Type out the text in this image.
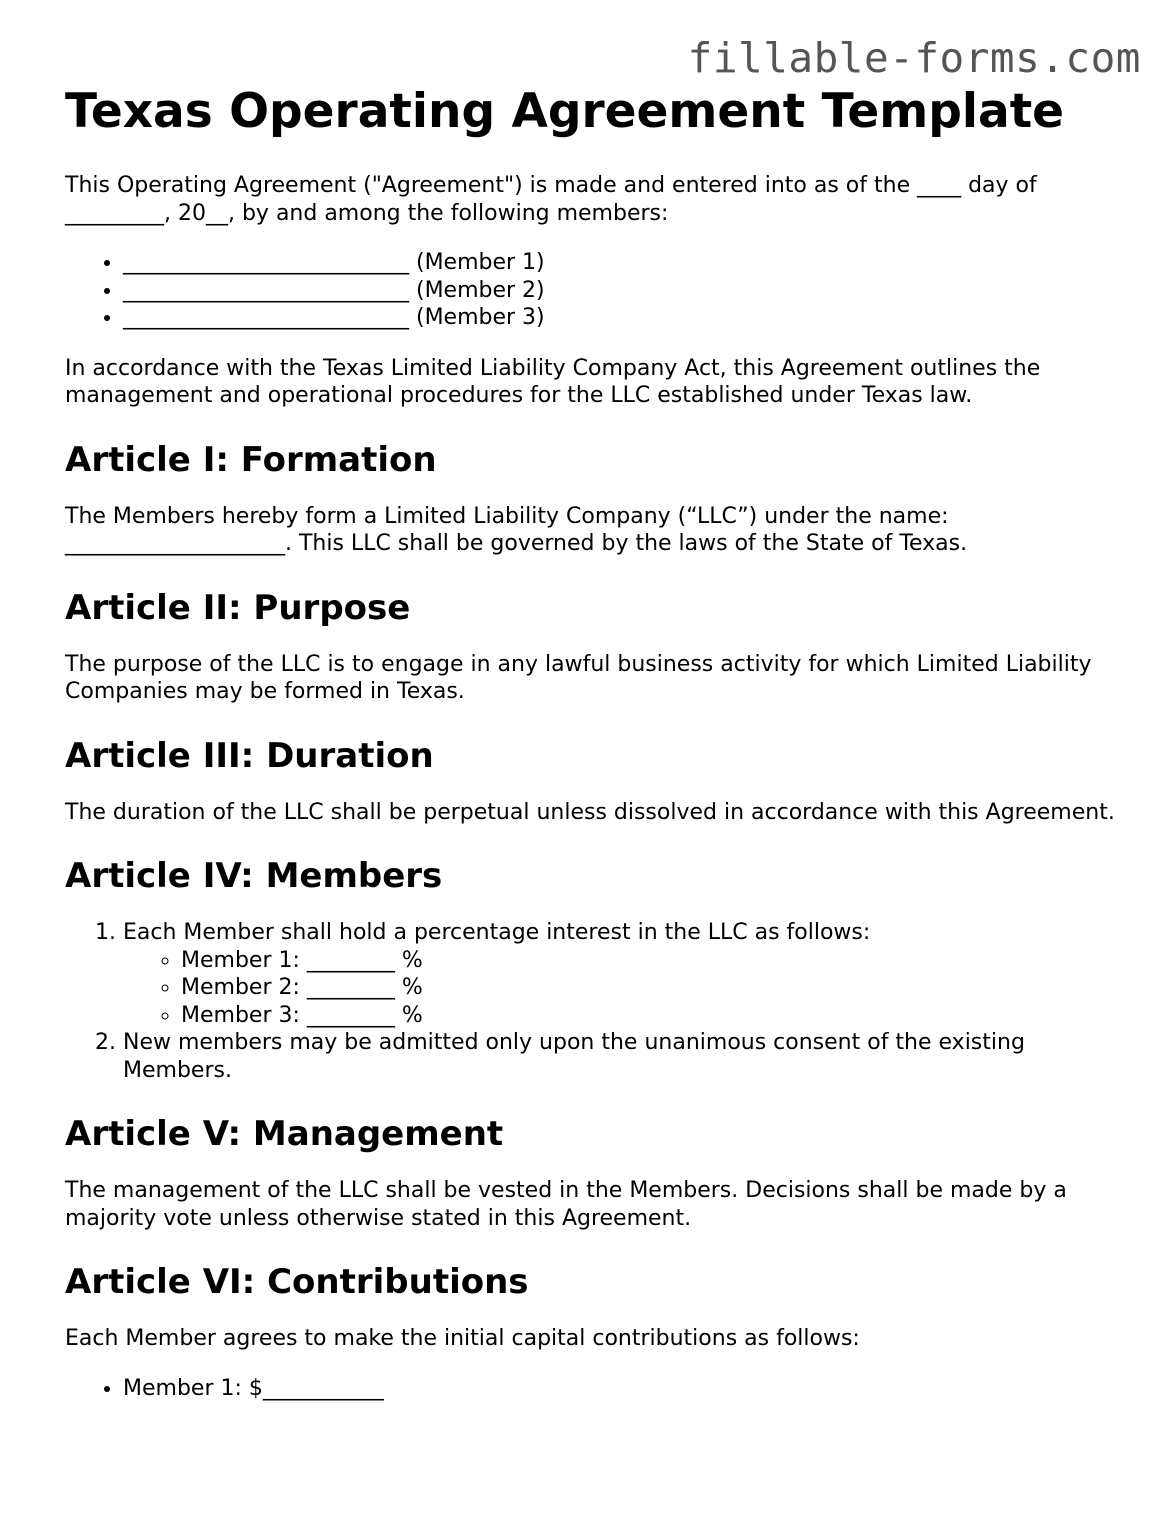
fillable-forms.com
Texas Operating Agreement Template

This Operating Agreement ("Agreement") is made and entered into as of the ____ day of _________, 20__, by and among the following members:

• __________________________ (Member 1)
• __________________________ (Member 2)
• __________________________ (Member 3)

In accordance with the Texas Limited Liability Company Act, this Agreement outlines the management and operational procedures for the LLC established under Texas law.

Article I: Formation

The Members hereby form a Limited Liability Company (“LLC”) under the name: ____________________. This LLC shall be governed by the laws of the State of Texas.

Article II: Purpose

The purpose of the LLC is to engage in any lawful business activity for which Limited Liability Companies may be formed in Texas.

Article III: Duration

The duration of the LLC shall be perpetual unless dissolved in accordance with this Agreement.

Article IV: Members
1. Each Member shall hold a percentage interest in the LLC as follows:
◦ Member 1: ________ %
◦ Member 2: ________ %
◦ Member 3: ________ %
2. New members may be admitted only upon the unanimous consent of the existing Members.
Article V: Management

The management of the LLC shall be vested in the Members. Decisions shall be made by a majority vote unless otherwise stated in this Agreement.

Article VI: Contributions

Each Member agrees to make the initial capital contributions as follows:

• Member 1: $___________
